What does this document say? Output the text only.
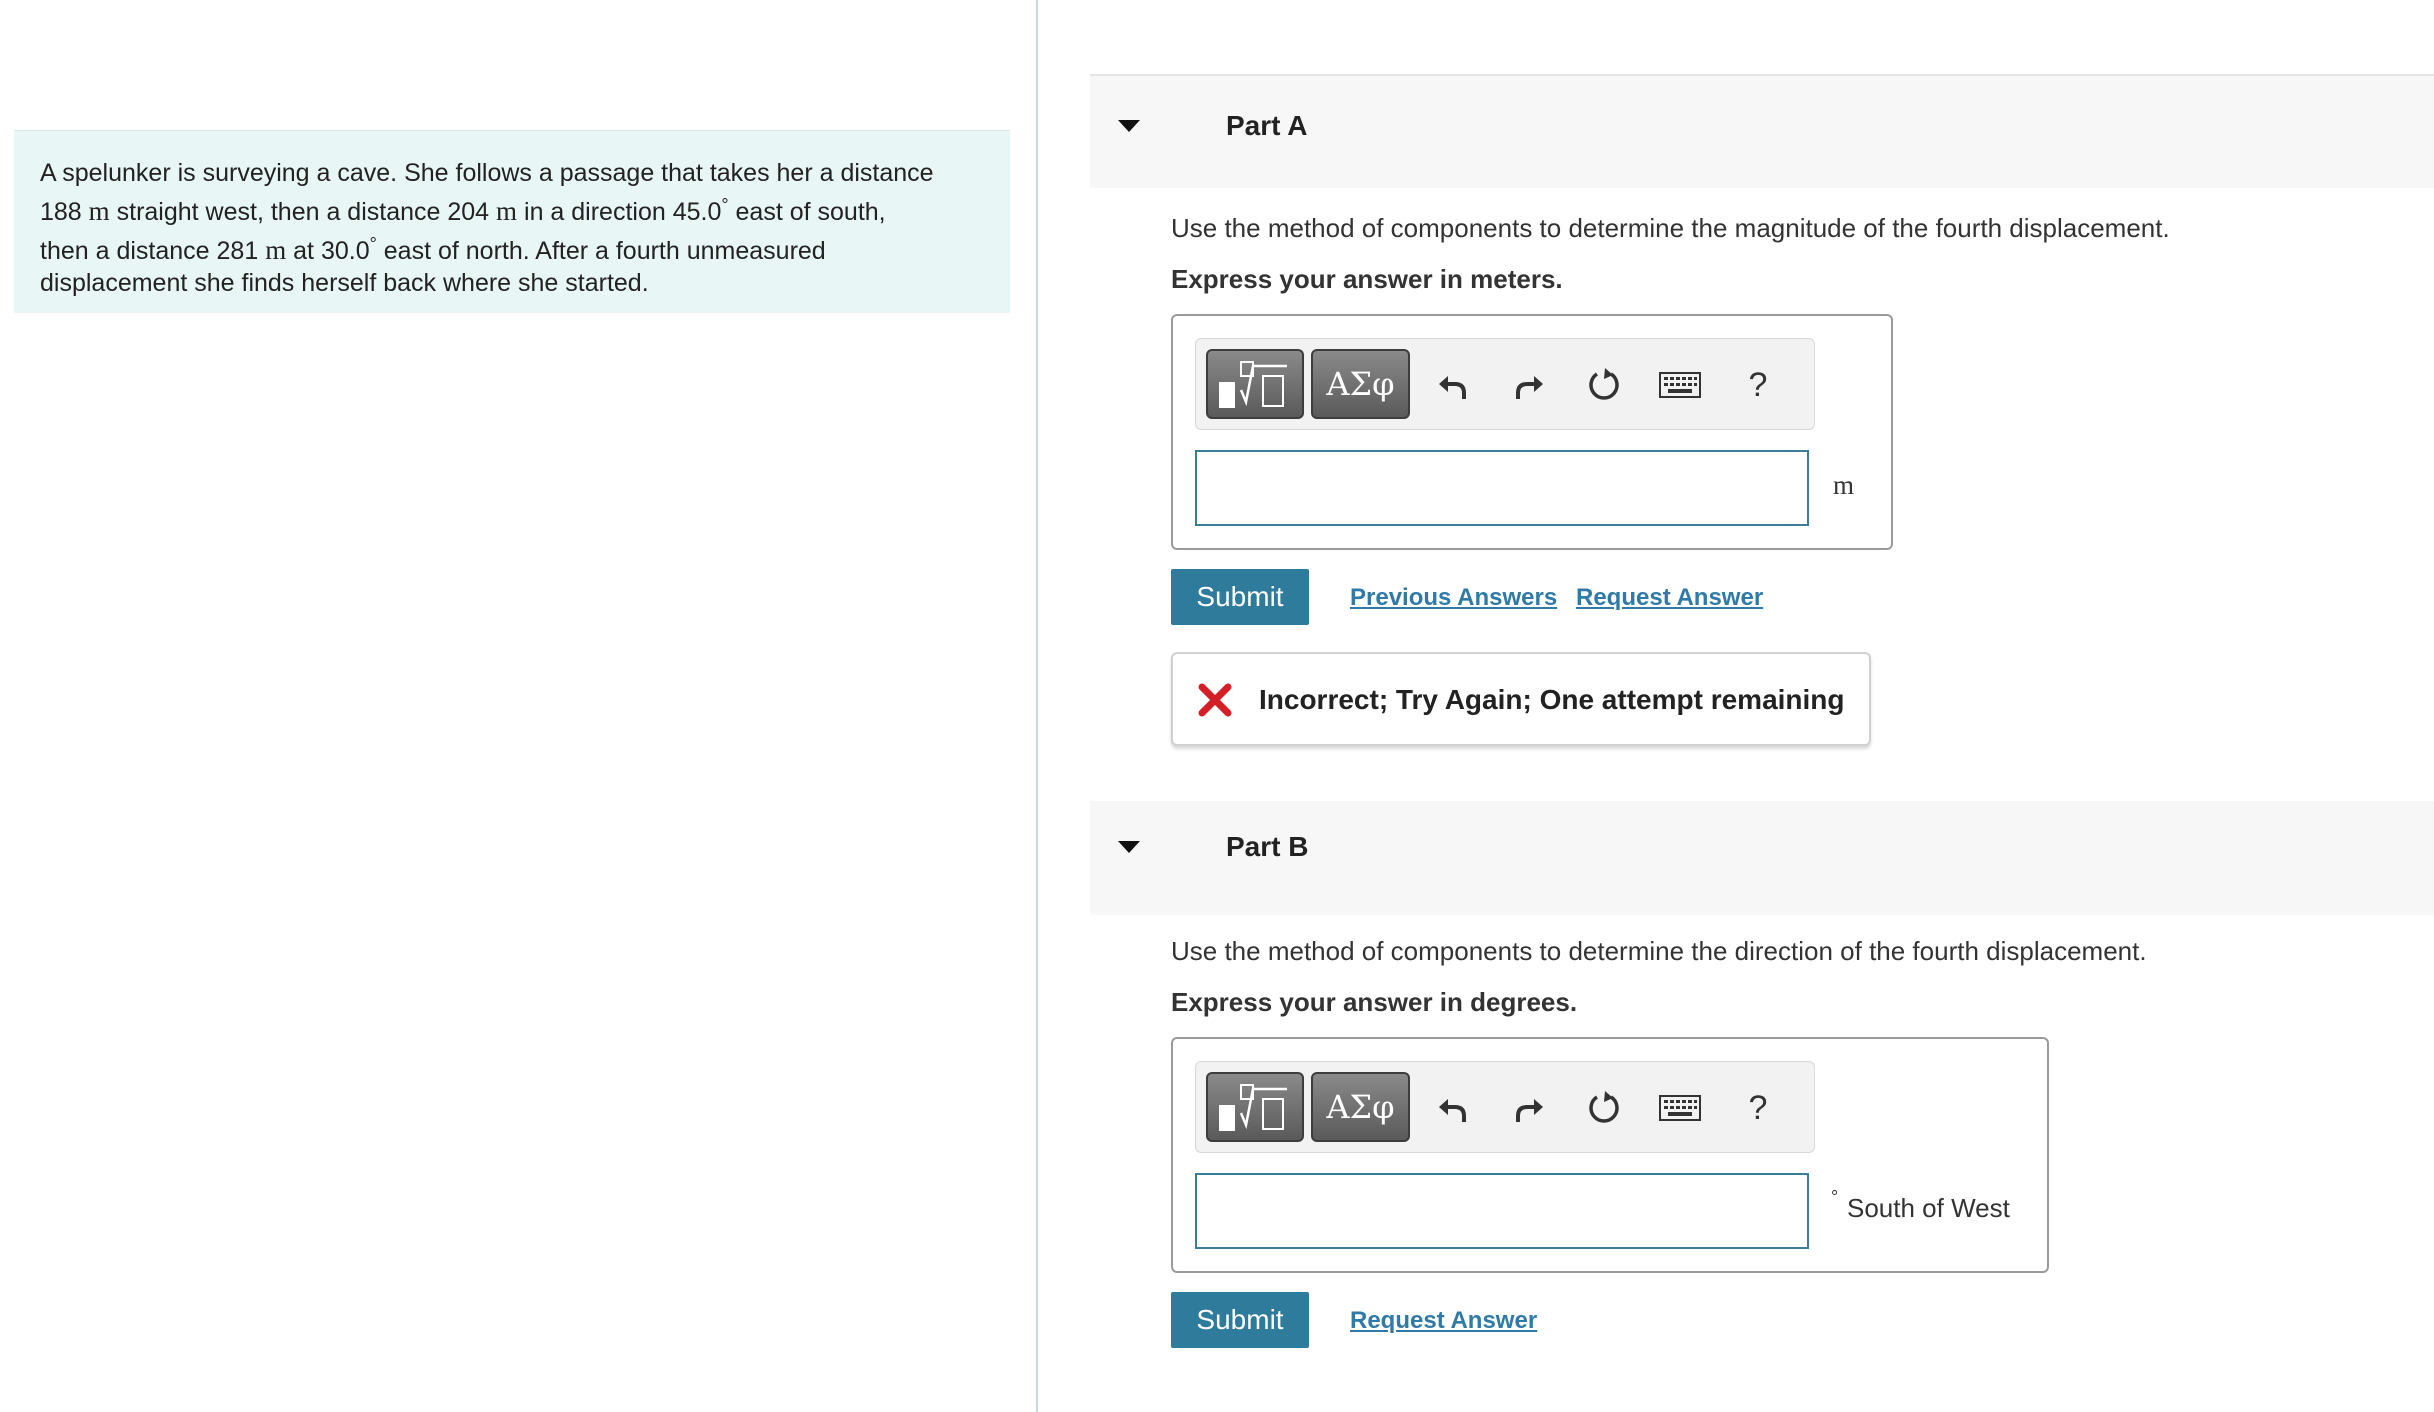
A spelunker is surveying a cave. She follows a passage that takes her a distance
188 m straight west, then a distance 204 m in a direction 45.0° east of south,
then a distance 281 m at 30.0° east of north. After a fourth unmeasured
displacement she finds herself back where she started.
Part A
Use the method of components to determine the magnitude of the fourth displacement.
Express your answer in meters.
ΑΣφ	?
m
Submit	Previous Answers Request Answer
Incorrect; Try Again; One attempt remaining
Part B
Use the method of components to determine the direction of the fourth displacement.
Express your answer in degrees.
ΑΣφ	?
° South of West
Submit	Request Answer
